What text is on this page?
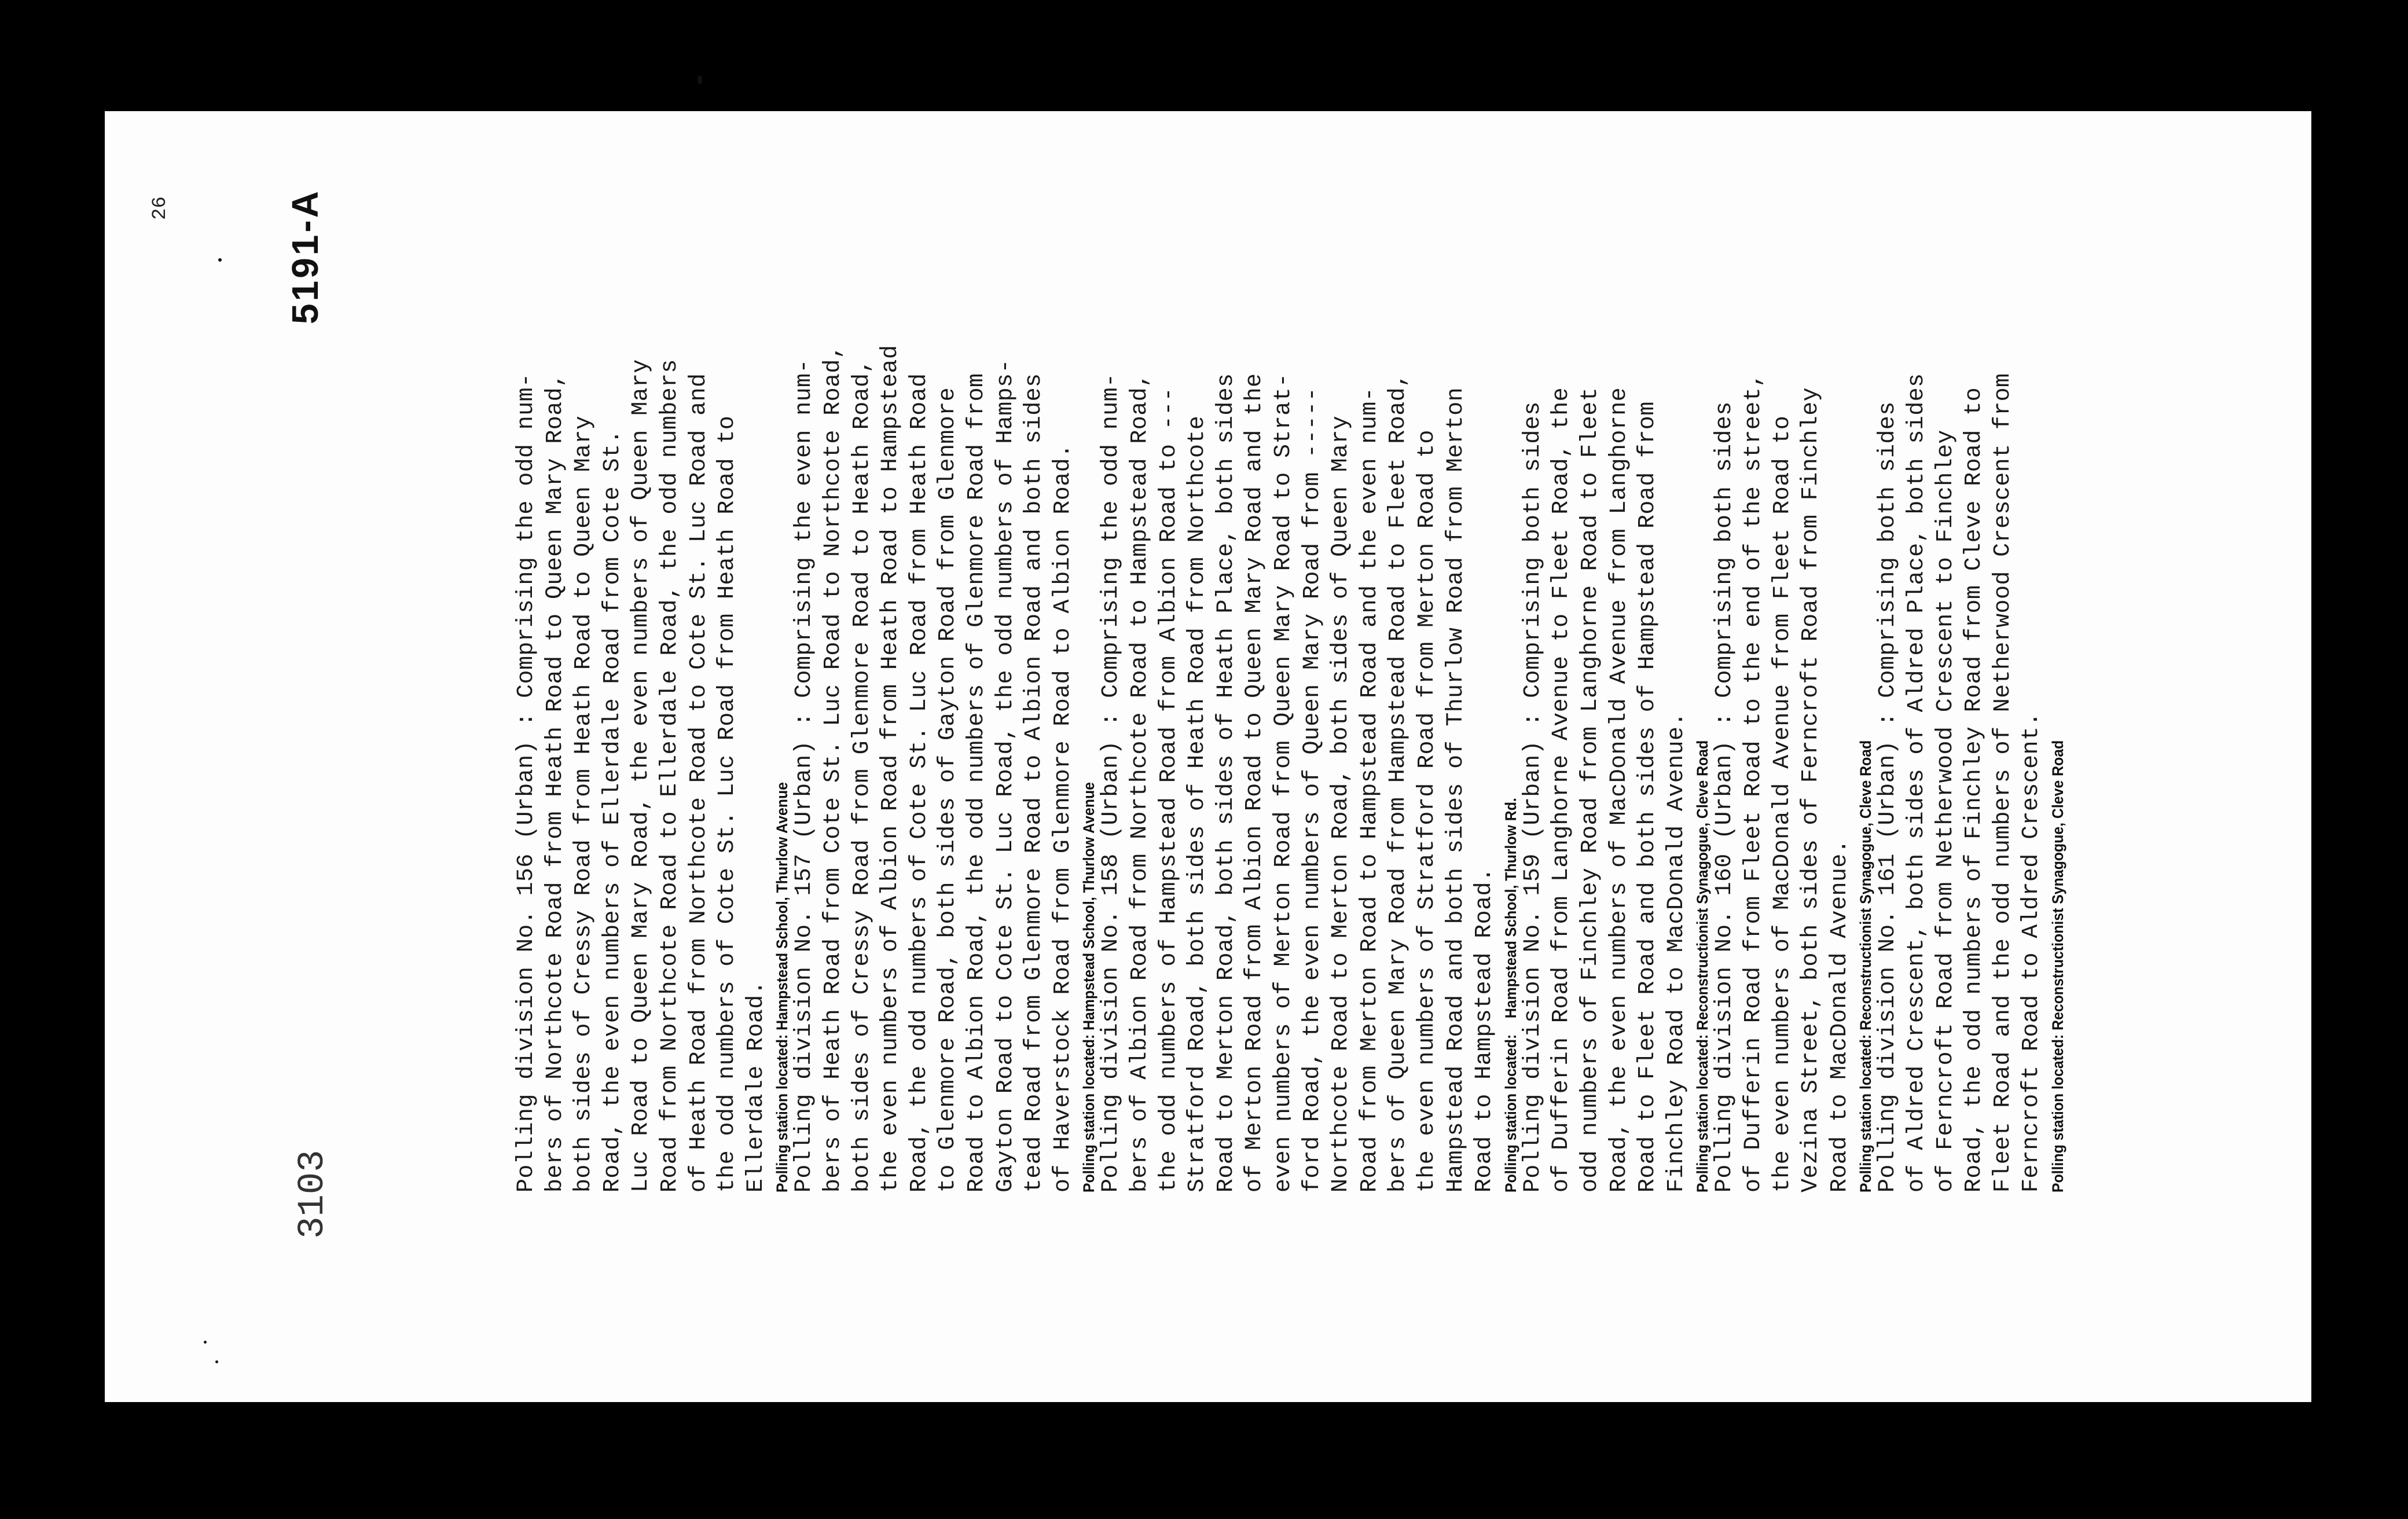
26	5191-A
3103
Polling division No. 156 (Urban) : Comprising the odd num- bers of Northcote Road from Heath Road to Queen Mary Road, both sides of Cressy Road from Heath Road to Queen Mary Road, the even numbers of Ellerdale Road from Cote St. Luc Road to Queen Mary Road, the even numbers of Queen Mary Road from Northcote Road to Ellerdale Road, the odd numbers of Heath Road from Northcote Road to Cote St. Luc Road and the odd numbers of Cote St. Luc Road from Heath Road to Ellerdale Road. Polling station located: Hampstead School, Thurlow Avenue Polling division No. 157 (Urban) : Comprising the even num- bers of Heath Road from Cote St. Luc Road to Northcote Road, both sides of Cressy Road from Glenmore Road to Heath Road, the even numbers of Albion Road from Heath Road to Hampstead Road, the odd numbers of Cote St. Luc Road from Heath Road to Glenmore Road, both sides of Gayton Road from Glenmore Road to Albion Road, the odd numbers of Glenmore Road from Gayton Road to Cote St. Luc Road, the odd numbers of Hamps- tead Road from Glenmore Road to Albion Road and both sides of Haverstock Road from Glenmore Road to Albion Road. Polling station located: Hampstead School, Thurlow Avenue Polling division No. 158 (Urban) : Comprising the odd num- bers of Albion Road from Northcote Road to Hampstead Road, the odd numbers of Hampstead Road from Albion Road to --- Stratford Road, both sides of Heath Road from Northcote Road to Merton Road, both sides of Heath Place, both sides of Merton Road from Albion Road to Queen Mary Road and the even numbers of Merton Road from Queen Mary Road to Strat- ford Road, the even numbers of Queen Mary Road from ----- Northcote Road to Merton Road, both sides of Queen Mary Road from Merton Road to Hampstead Road and the even num- bers of Queen Mary Road from Hampstead Road to Fleet Road, the even numbers of Stratford Road from Merton Road to Hampstead Road and both sides of Thurlow Road from Merton Road to Hampstead Road. Polling station located:    Hampstead School, Thurlow Rd. Polling division No. 159 (Urban) : Comprising both sides of Dufferin Road from Langhorne Avenue to Fleet Road, the odd numbers of Finchley Road from Langhorne Road to Fleet Road, the even numbers of MacDonald Avenue from Langhorne Road to Fleet Road and both sides of Hampstead Road from Finchley Road to MacDonald Avenue. Polling station located: Reconstructionist Synagogue, Cleve Road Polling division No. 160 (Urban) : Comprising both sides of Dufferin Road from Fleet Road to the end of the street, the even numbers of MacDonald Avenue from Fleet Road to Vezina Street, both sides of Ferncroft Road from Finchley Road to MacDonald Avenue. Polling station located: Reconstructionist Synagogue, Cleve Road Polling division No. 161 (Urban) : Comprising both sides of Aldred Crescent, both sides of Aldred Place, both sides of Ferncroft Road from Netherwood Crescent to Finchley Road, the odd numbers of Finchley Road from Cleve Road to Fleet Road and the odd numbers of Netherwood Crescent from Ferncroft Road to Aldred Crescent. Polling station located: Reconstructionist Synagogue, Cleve Road
